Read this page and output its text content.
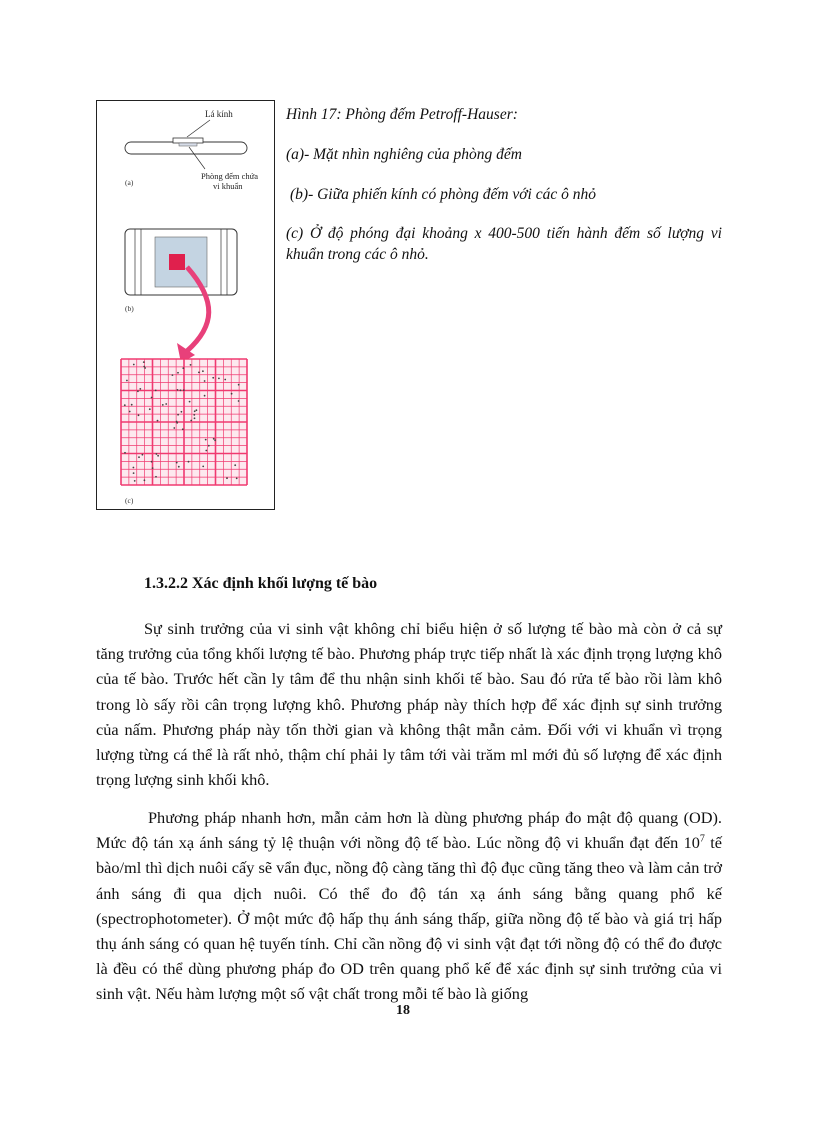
Lá kính
Phòng đếm chứa
vi khuẩn
(a)
(b)
(c)

Hình 17: Phòng đếm Petroff-Hauser:

(a)- Mặt nhìn nghiêng của phòng đếm

(b)- Giữa phiến kính có phòng đếm với các ô nhỏ

(c) Ở độ phóng đại khoảng x 400-500 tiến hành đếm số lượng vi khuẩn trong các ô nhỏ.

1.3.2.2 Xác định khối lượng tế bào

Sự sinh trưởng của vi sinh vật không chỉ biểu hiện ở số lượng tế bào mà còn ở cả sự tăng trưởng của tổng khối lượng tế bào. Phương pháp trực tiếp nhất là xác định trọng lượng khô của tế bào. Trước hết cần ly tâm để thu nhận sinh khối tế bào. Sau đó rửa tế bào rồi làm khô trong lò sấy rồi cân trọng lượng khô. Phương pháp này thích hợp để xác định sự sinh trưởng của nấm. Phương pháp này tốn thời gian và không thật mẫn cảm. Đối với vi khuẩn vì trọng lượng từng cá thể là rất nhỏ, thậm chí phải ly tâm tới vài trăm ml mới đủ số lượng để xác định trọng lượng sinh khối khô.

Phương pháp nhanh hơn, mẫn cảm hơn là dùng phương pháp đo mật độ quang (OD). Mức độ tán xạ ánh sáng tỷ lệ thuận với nồng độ tế bào. Lúc nồng độ vi khuẩn đạt đến $10^7$ tế bào/ml thì dịch nuôi cấy sẽ vẩn đục, nồng độ càng tăng thì độ đục cũng tăng theo và làm cản trở ánh sáng đi qua dịch nuôi. Có thể đo độ tán xạ ánh sáng bằng quang phổ kế (spectrophotometer). Ở một mức độ hấp thụ ánh sáng thấp, giữa nồng độ tế bào và giá trị hấp thụ ánh sáng có quan hệ tuyến tính. Chỉ cần nồng độ vi sinh vật đạt tới nồng độ có thể đo được là đều có thể dùng phương pháp đo OD trên quang phổ kế để xác định sự sinh trưởng của vi sinh vật. Nếu hàm lượng một số vật chất trong mỗi tế bào là giống

18
